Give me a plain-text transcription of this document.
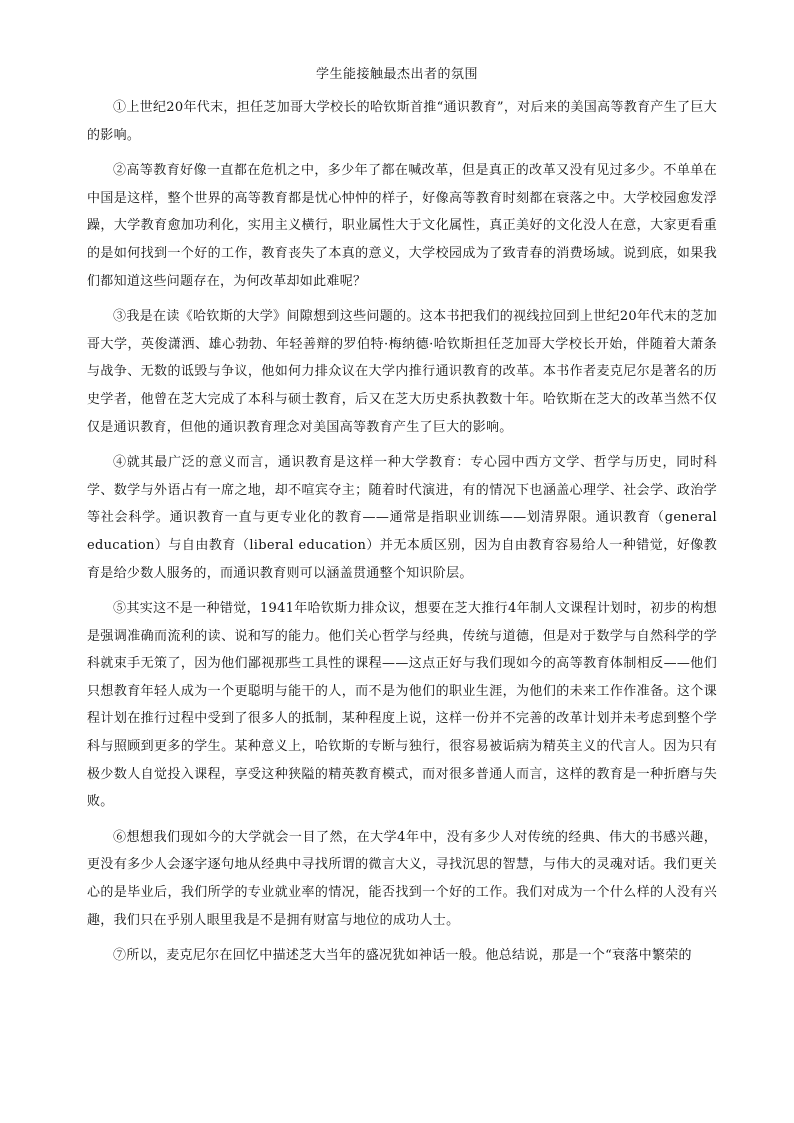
学生能接触最杰出者的氛围

①上世纪20年代末，担任芝加哥大学校长的哈钦斯首推“通识教育”，对后来的美国高等教育产生了巨大的影响。

②高等教育好像一直都在危机之中，多少年了都在喊改革，但是真正的改革又没有见过多少。不单单在中国是这样，整个世界的高等教育都是忧心忡忡的样子，好像高等教育时刻都在衰落之中。大学校园愈发浮躁，大学教育愈加功利化，实用主义横行，职业属性大于文化属性，真正美好的文化没人在意，大家更看重的是如何找到一个好的工作，教育丧失了本真的意义，大学校园成为了致青春的消费场域。说到底，如果我们都知道这些问题存在，为何改革却如此难呢？

③我是在读《哈钦斯的大学》间隙想到这些问题的。这本书把我们的视线拉回到上世纪20年代末的芝加哥大学，英俊潇洒、雄心勃勃、年轻善辩的罗伯特·梅纳德·哈钦斯担任芝加哥大学校长开始，伴随着大萧条与战争、无数的诋毁与争议，他如何力排众议在大学内推行通识教育的改革。本书作者麦克尼尔是著名的历史学者，他曾在芝大完成了本科与硕士教育，后又在芝大历史系执教数十年。哈钦斯在芝大的改革当然不仅仅是通识教育，但他的通识教育理念对美国高等教育产生了巨大的影响。

④就其最广泛的意义而言，通识教育是这样一种大学教育：专心园中西方文学、哲学与历史，同时科学、数学与外语占有一席之地，却不喧宾夺主；随着时代演进，有的情况下也涵盖心理学、社会学、政治学等社会科学。通识教育一直与更专业化的教育——通常是指职业训练——划清界限。通识教育（general education）与自由教育（liberal education）并无本质区别，因为自由教育容易给人一种错觉，好像教育是给少数人服务的，而通识教育则可以涵盖贯通整个知识阶层。

⑤其实这不是一种错觉，1941年哈钦斯力排众议，想要在芝大推行4年制人文课程计划时，初步的构想是强调准确而流利的读、说和写的能力。他们关心哲学与经典，传统与道德，但是对于数学与自然科学的学科就束手无策了，因为他们鄙视那些工具性的课程——这点正好与我们现如今的高等教育体制相反——他们只想教育年轻人成为一个更聪明与能干的人，而不是为他们的职业生涯，为他们的未来工作作准备。这个课程计划在推行过程中受到了很多人的抵制，某种程度上说，这样一份并不完善的改革计划并未考虑到整个学科与照顾到更多的学生。某种意义上，哈钦斯的专断与独行，很容易被诟病为精英主义的代言人。因为只有极少数人自觉投入课程，享受这种狭隘的精英教育模式，而对很多普通人而言，这样的教育是一种折磨与失败。

⑥想想我们现如今的大学就会一目了然，在大学4年中，没有多少人对传统的经典、伟大的书感兴趣，更没有多少人会逐字逐句地从经典中寻找所谓的微言大义，寻找沉思的智慧，与伟大的灵魂对话。我们更关心的是毕业后，我们所学的专业就业率的情况，能否找到一个好的工作。我们对成为一个什么样的人没有兴趣，我们只在乎别人眼里我是不是拥有财富与地位的成功人士。

⑦所以，麦克尼尔在回忆中描述芝大当年的盛况犹如神话一般。他总结说，那是一个“衰落中繁荣的
